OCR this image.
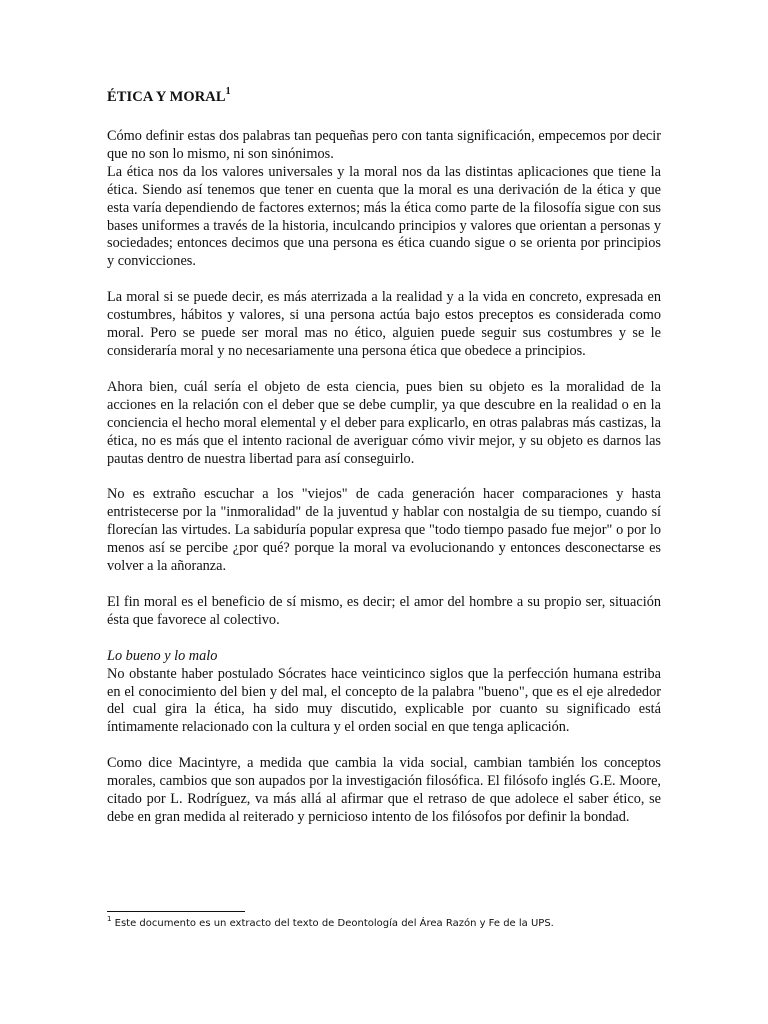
ÉTICA Y MORAL$^1$

Cómo definir estas dos palabras tan pequeñas pero con tanta significación, empecemos por decir que no son lo mismo, ni son sinónimos.

La ética nos da los valores universales y la moral nos da las distintas aplicaciones que tiene la ética. Siendo así tenemos que tener en cuenta que la moral es una derivación de la ética y que esta varía dependiendo de factores externos; más la ética como parte de la filosofía sigue con sus bases uniformes a través de la historia, inculcando principios y valores que orientan a personas y sociedades; entonces decimos que una persona es ética cuando sigue o se orienta por principios y convicciones.

La moral si se puede decir, es más aterrizada a la realidad y a la vida en concreto, expresada en costumbres, hábitos y valores, si una persona actúa bajo estos preceptos es considerada como moral. Pero se puede ser moral mas no ético, alguien puede seguir sus costumbres y se le consideraría moral y no necesariamente una persona ética que obedece a principios.

Ahora bien, cuál sería el objeto de esta ciencia, pues bien su objeto es la moralidad de la acciones en la relación con el deber que se debe cumplir, ya que descubre en la realidad o en la conciencia el hecho moral elemental y el deber para explicarlo, en otras palabras más castizas, la ética, no es más que el intento racional de averiguar cómo vivir mejor, y su objeto es darnos las pautas dentro de nuestra libertad para así conseguirlo.

No es extraño escuchar a los "viejos" de cada generación hacer comparaciones y hasta entristecerse por la "inmoralidad" de la juventud y hablar con nostalgia de su tiempo, cuando sí florecían las virtudes. La sabiduría popular expresa que "todo tiempo pasado fue mejor" o por lo menos así se percibe ¿por qué? porque la moral va evolucionando y entonces desconectarse es volver a la añoranza.

El fin moral es el beneficio de sí mismo, es decir; el amor del hombre a su propio ser, situación ésta que favorece al colectivo.

Lo bueno y lo malo

No obstante haber postulado Sócrates hace veinticinco siglos que la perfección humana estriba en el conocimiento del bien y del mal, el concepto de la palabra "bueno", que es el eje alrededor del cual gira la ética, ha sido muy discutido, explicable por cuanto su significado está íntimamente relacionado con la cultura y el orden social en que tenga aplicación.

Como dice Macintyre, a medida que cambia la vida social, cambian también los conceptos morales, cambios que son aupados por la investigación filosófica. El filósofo inglés G.E. Moore, citado por L. Rodríguez, va más allá al afirmar que el retraso de que adolece el saber ético, se debe en gran medida al reiterado y pernicioso intento de los filósofos por definir la bondad.

$^1$ Este documento es un extracto del texto de Deontología del Área Razón y Fe de la UPS.
